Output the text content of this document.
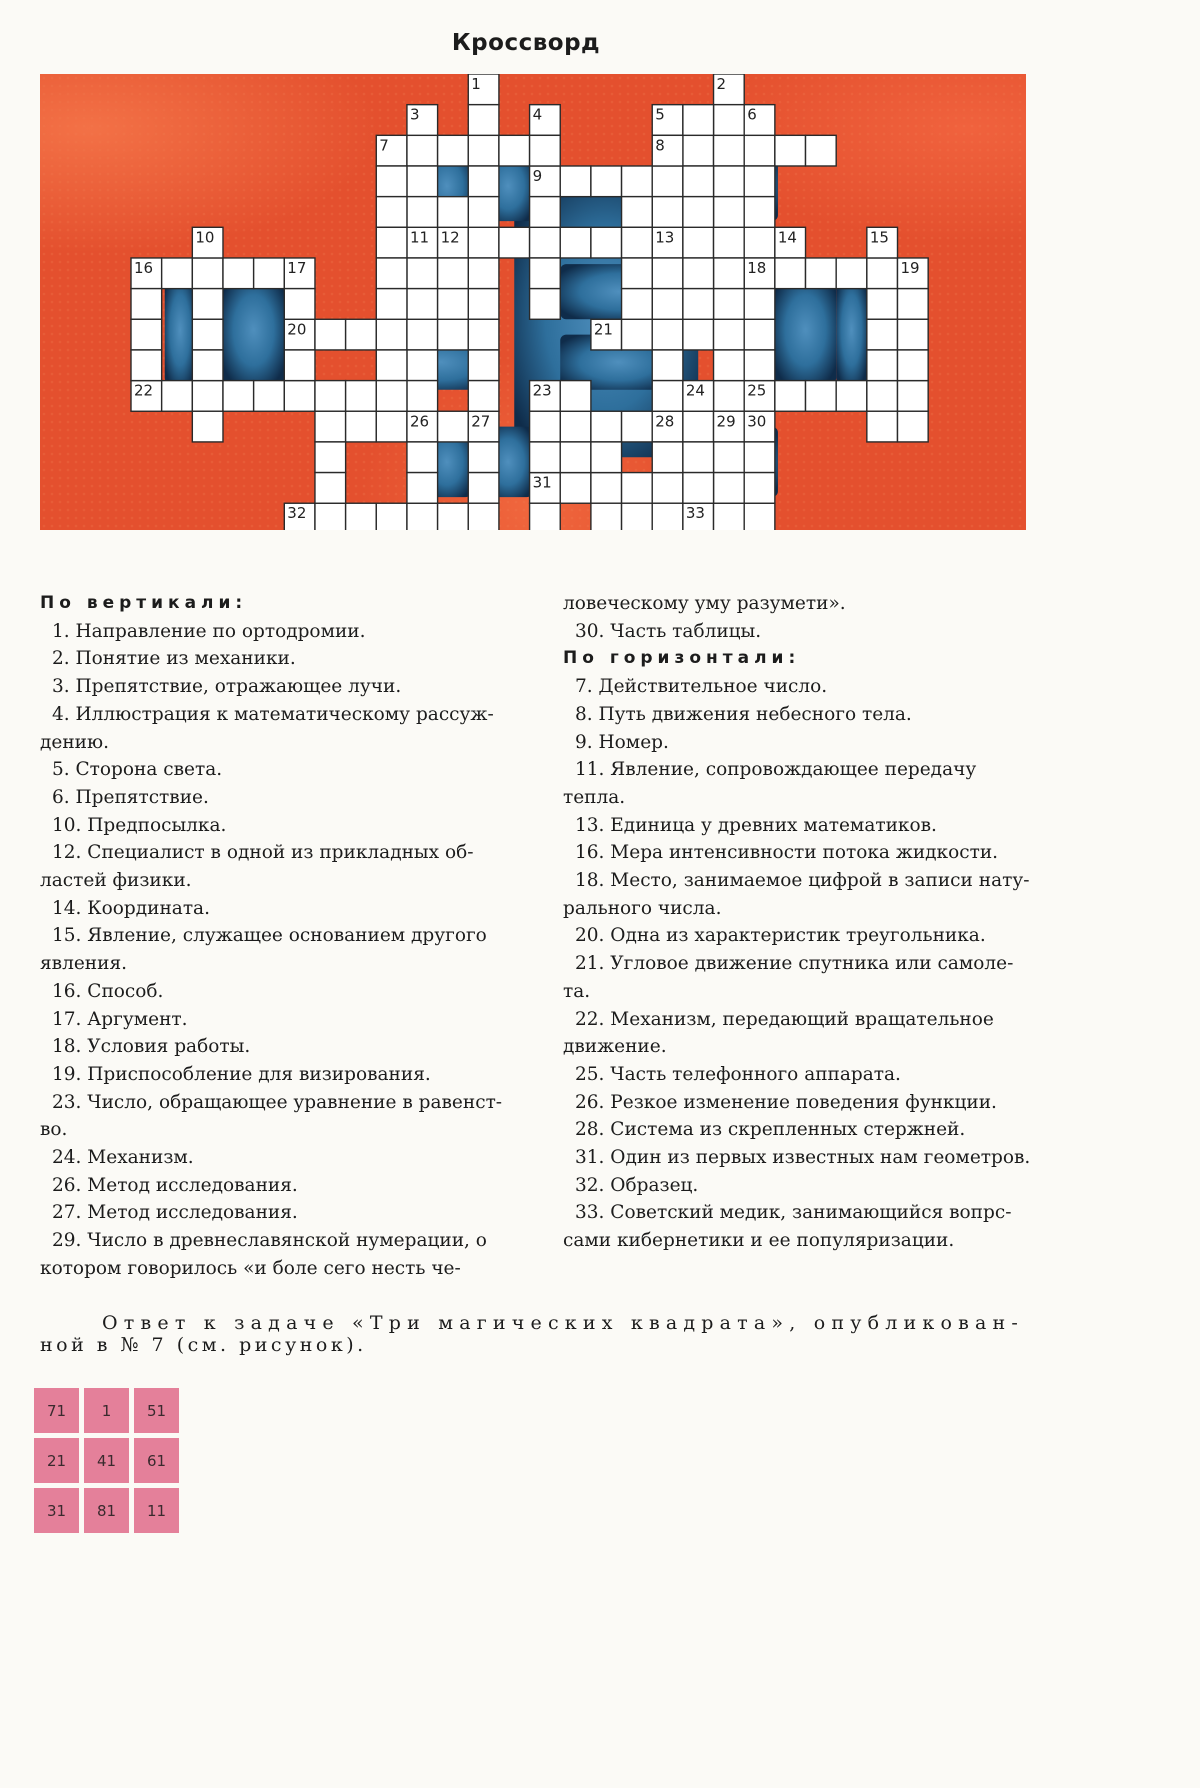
Кроссворд
1	2
3	4	5	6
7	8
9
10	11 12	13	14	15
16	17	18	19
20	21
22	23	24	25
26	27	28	29 30
31
32	33
По вертикали:
1. Направление по ортодромии.
2. Понятие из механики.
3. Препятствие, отражающее лучи.
4. Иллюстрация к математическому рассуж-
дению.
5. Сторона света.
6. Препятствие.
10. Предпосылка.
12. Специалист в одной из прикладных об-
ластей физики.
14. Координата.
15. Явление, служащее основанием другого
явления.
16. Способ.
17. Аргумент.
18. Условия работы.
19. Приспособление для визирования.
23. Число, обращающее уравнение в равенст-
во.
24. Механизм.
26. Метод исследования.
27. Метод исследования.
29. Число в древнеславянской нумерации, о
котором говорилось «и боле сего несть че-
ловеческому уму разумети».
30. Часть таблицы.
По горизонтали:
7. Действительное число.
8. Путь движения небесного тела.
9. Номер.
11. Явление, сопровождающее передачу
тепла.
13. Единица у древних математиков.
16. Мера интенсивности потока жидкости.
18. Место, занимаемое цифрой в записи нату-
рального числа.
20. Одна из характеристик треугольника.
21. Угловое движение спутника или самоле-
та.
22. Механизм, передающий вращательное
движение.
25. Часть телефонного аппарата.
26. Резкое изменение поведения функции.
28. Система из скрепленных стержней.
31. Один из первых известных нам геометров.
32. Образец.
33. Советский медик, занимающийся вопрс-
сами кибернетики и ее популяризации.
Ответ к задаче «Три магических квадрата», опубликован-
ной в № 7 (см. рисунок).
71	1	51
21	41	61
31	81	11
